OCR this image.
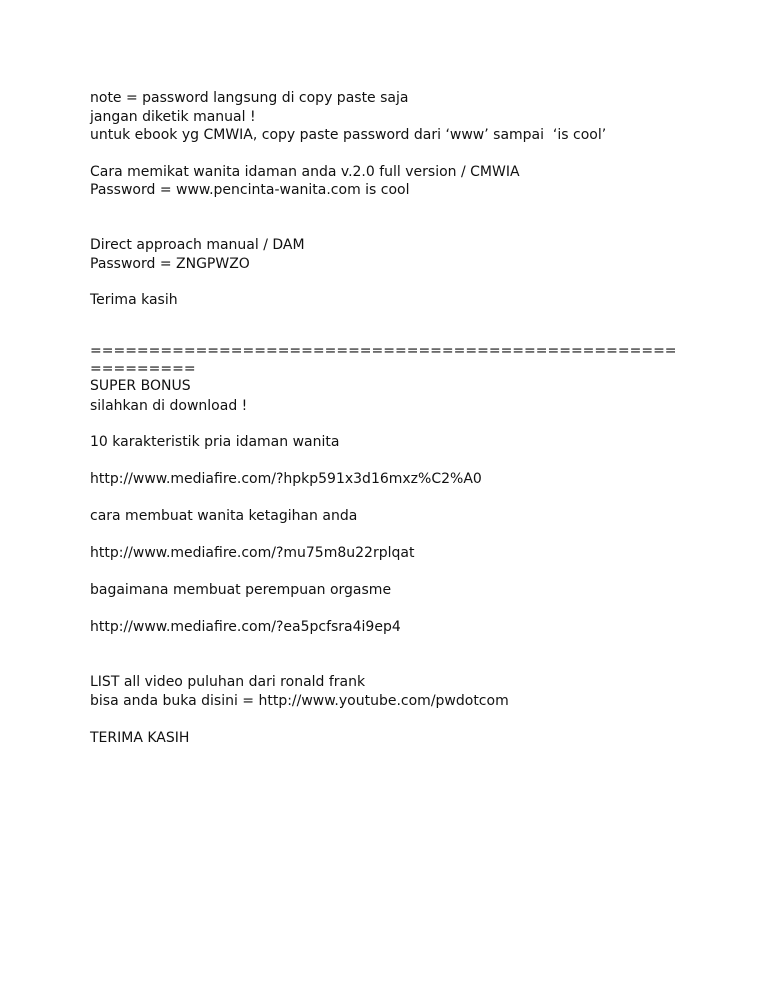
note = password langsung di copy paste saja
jangan diketik manual !
untuk ebook yg CMWIA, copy paste password dari ‘www’ sampai  ‘is cool’
Cara memikat wanita idaman anda v.2.0 full version / CMWIA
Password = www.pencinta-wanita.com is cool
Direct approach manual / DAM
Password = ZNGPWZO
Terima kasih
==================================================
=========
SUPER BONUS
silahkan di download !
10 karakteristik pria idaman wanita
http://www.mediafire.com/?hpkp591x3d16mxz%C2%A0
cara membuat wanita ketagihan anda
http://www.mediafire.com/?mu75m8u22rplqat
bagaimana membuat perempuan orgasme
http://www.mediafire.com/?ea5pcfsra4i9ep4
LIST all video puluhan dari ronald frank
bisa anda buka disini = http://www.youtube.com/pwdotcom
TERIMA KASIH
